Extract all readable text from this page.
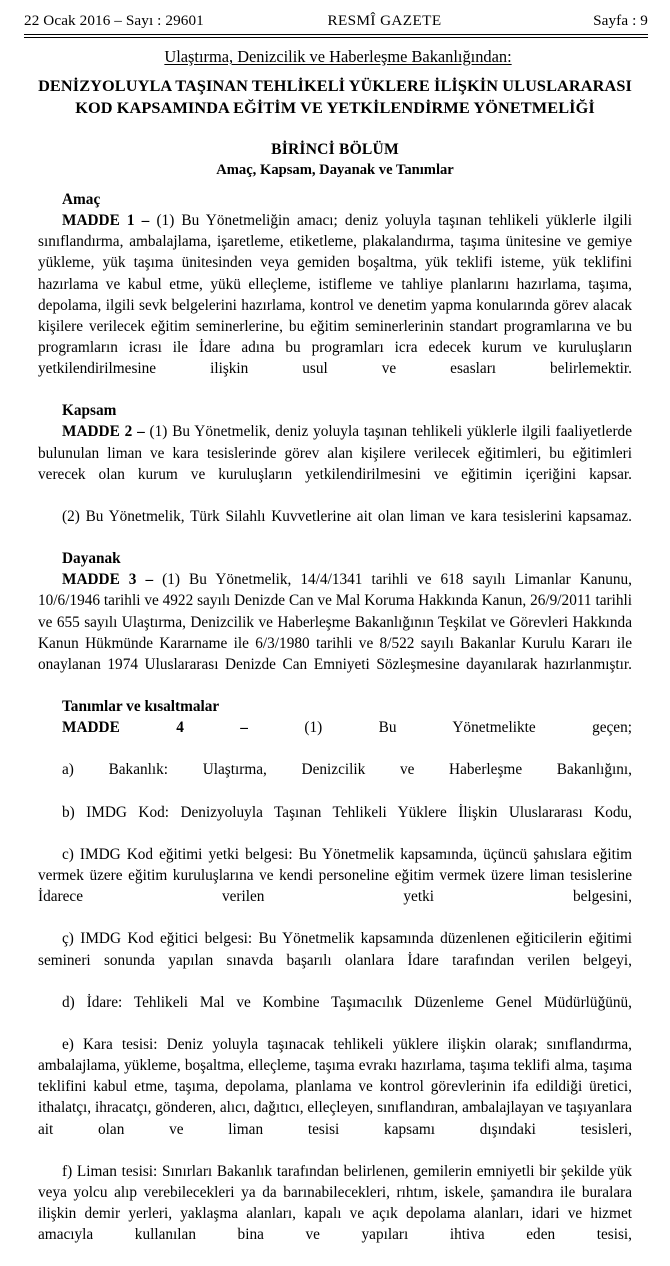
22 Ocak 2016 – Sayı : 29601	RESMÎ GAZETE	Sayfa : 9
Ulaştırma, Denizcilik ve Haberleşme Bakanlığından:
DENİZYOLUYLA TAŞINAN TEHLİKELİ YÜKLERE İLİŞKİN ULUSLARARASI
KOD KAPSAMINDA EĞİTİM VE YETKİLENDİRME YÖNETMELİĞİ
BİRİNCİ BÖLÜM
Amaç, Kapsam, Dayanak ve Tanımlar

Amaç

MADDE 1 – (1) Bu Yönetmeliğin amacı; deniz yoluyla taşınan tehlikeli yüklerle ilgili sınıflandırma, ambalajlama, işaretleme, etiketleme, plakalandırma, taşıma ünitesine ve gemiye yükleme, yük taşıma ünitesinden veya gemiden boşaltma, yük teklifi isteme, yük teklifini hazırlama ve kabul etme, yükü elleçleme, istifleme ve tahliye planlarını hazırlama, taşıma, depolama, ilgili sevk belgelerini hazırlama, kontrol ve denetim yapma konularında görev alacak kişilere verilecek eğitim seminerlerine, bu eğitim seminerlerinin standart programlarına ve bu programların icrası ile İdare adına bu programları icra edecek kurum ve kuruluşların yetkilendirilmesine ilişkin usul ve esasları belirlemektir.

Kapsam

MADDE 2 – (1) Bu Yönetmelik, deniz yoluyla taşınan tehlikeli yüklerle ilgili faaliyetlerde bulunulan liman ve kara tesislerinde görev alan kişilere verilecek eğitimleri, bu eğitimleri verecek olan kurum ve kuruluşların yetkilendirilmesini ve eğitimin içeriğini kapsar.

(2) Bu Yönetmelik, Türk Silahlı Kuvvetlerine ait olan liman ve kara tesislerini kapsamaz.

Dayanak

MADDE 3 – (1) Bu Yönetmelik, 14/4/1341 tarihli ve 618 sayılı Limanlar Kanunu, 10/6/1946 tarihli ve 4922 sayılı Denizde Can ve Mal Koruma Hakkında Kanun, 26/9/2011 tarihli ve 655 sayılı Ulaştırma, Denizcilik ve Haberleşme Bakanlığının Teşkilat ve Görevleri Hakkında Kanun Hükmünde Kararname ile 6/3/1980 tarihli ve 8/522 sayılı Bakanlar Kurulu Kararı ile onaylanan 1974 Uluslararası Denizde Can Emniyeti Sözleşmesine dayanılarak hazırlanmıştır.

Tanımlar ve kısaltmalar

MADDE 4 – (1) Bu Yönetmelikte geçen;

a) Bakanlık: Ulaştırma, Denizcilik ve Haberleşme Bakanlığını,

b) IMDG Kod: Denizyoluyla Taşınan Tehlikeli Yüklere İlişkin Uluslararası Kodu,

c) IMDG Kod eğitimi yetki belgesi: Bu Yönetmelik kapsamında, üçüncü şahıslara eğitim vermek üzere eğitim kuruluşlarına ve kendi personeline eğitim vermek üzere liman tesislerine İdarece verilen yetki belgesini,

ç) IMDG Kod eğitici belgesi: Bu Yönetmelik kapsamında düzenlenen eğiticilerin eğitimi semineri sonunda yapılan sınavda başarılı olanlara İdare tarafından verilen belgeyi,

d) İdare: Tehlikeli Mal ve Kombine Taşımacılık Düzenleme Genel Müdürlüğünü,

e) Kara tesisi: Deniz yoluyla taşınacak tehlikeli yüklere ilişkin olarak; sınıflandırma, ambalajlama, yükleme, boşaltma, elleçleme, taşıma evrakı hazırlama, taşıma teklifi alma, taşıma teklifini kabul etme, taşıma, depolama, planlama ve kontrol görevlerinin ifa edildiği üretici, ithalatçı, ihracatçı, gönderen, alıcı, dağıtıcı, elleçleyen, sınıflandıran, ambalajlayan ve taşıyanlara ait olan ve liman tesisi kapsamı dışındaki tesisleri,

f) Liman tesisi: Sınırları Bakanlık tarafından belirlenen, gemilerin emniyetli bir şekilde yük veya yolcu alıp verebilecekleri ya da barınabilecekleri, rıhtım, iskele, şamandıra ile buralara ilişkin demir yerleri, yaklaşma alanları, kapalı ve açık depolama alanları, idari ve hizmet amacıyla kullanılan bina ve yapıları ihtiva eden tesisi,
